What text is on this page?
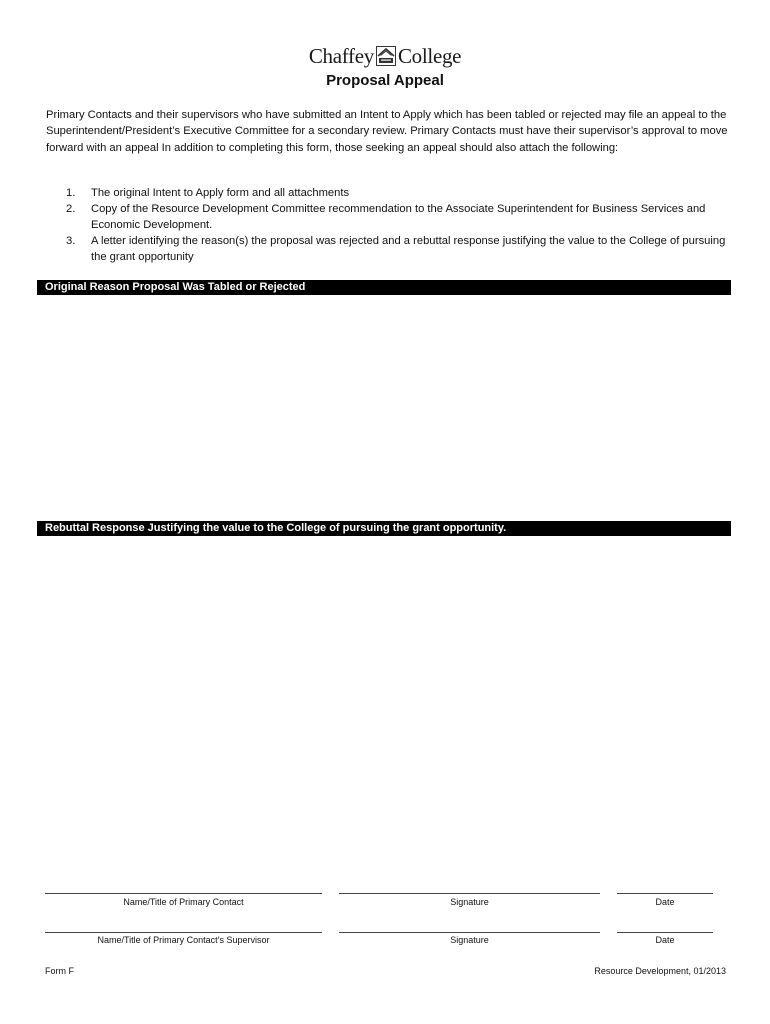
Chaffey College
Proposal Appeal

Primary Contacts and their supervisors who have submitted an Intent to Apply which has been tabled or rejected may file an appeal to the Superintendent/President’s Executive Committee for a secondary review. Primary Contacts must have their supervisor’s approval to move forward with an appeal In addition to completing this form, those seeking an appeal should also attach the following:

1. The original Intent to Apply form and all attachments
2. Copy of the Resource Development Committee recommendation to the Associate Superintendent for Business Services and Economic Development.
3. A letter identifying the reason(s) the proposal was rejected and a rebuttal response justifying the value to the College of pursuing the grant opportunity
Original Reason Proposal Was Tabled or Rejected
Rebuttal Response Justifying the value to the College of pursuing the grant opportunity.
Name/Title of Primary Contact	Signature	Date
Name/Title of Primary Contact’s Supervisor	Signature	Date
Form F	Resource Development, 01/2013
